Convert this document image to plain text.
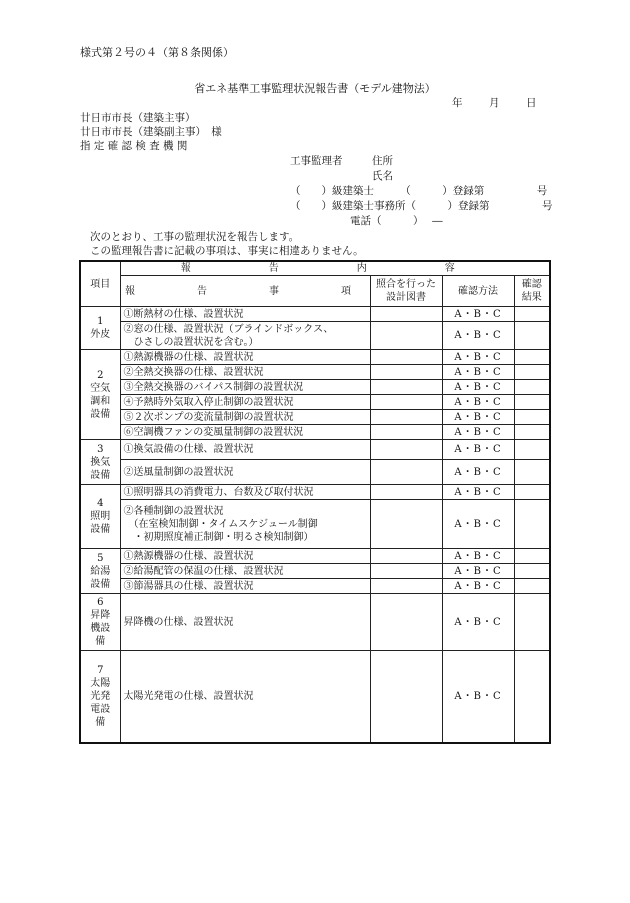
様式第２号の４（第８条関係）
省エネ基準工事監理状況報告書（モデル建物法）
年	月	日
廿日市市長（建築主事）
廿日市市長（建築副主事）　様
指 定 確 認 検 査 機 関
工事監理者	住所
氏名
（　　）級建築士　　　（　　　）登録第　　　　　号
（　　）級建築士事務所（　　　）登録第　　　　　号
電話（　　　）　 ―
次のとおり、工事の監理状況を報告します。
この監理報告書に記載の事項は、事実に相違ありません。
項目	報　告　内　容			
	報　　告　　事　　項	照合を行った設計図書	確認方法	確認結果
1
外皮	①断熱材の仕様、設置状況		A・B・C	
	②窓の仕様、設置状況（ブラインドボックス、
　ひさしの設置状況を含む。）		A・B・C	
2
空気
調和
設備	①熱源機器の仕様、設置状況		A・B・C	
	②全熱交換器の仕様、設置状況		A・B・C	
	③全熱交換器のバイパス制御の設置状況		A・B・C	
	④予熱時外気取入停止制御の設置状況		A・B・C	
	⑤２次ポンプの変流量制御の設置状況		A・B・C	
	⑥空調機ファンの変風量制御の設置状況		A・B・C	
3
換気
設備	①換気設備の仕様、設置状況		A・B・C	
	②送風量制御の設置状況		A・B・C	
4
照明
設備	①照明器具の消費電力、台数及び取付状況		A・B・C	
	②各種制御の設置状況
　（在室検知制御・タイムスケジュール制御
　・初期照度補正制御・明るさ検知制御）		A・B・C	
5
給湯
設備	①熱源機器の仕様、設置状況		A・B・C	
	②給湯配管の保温の仕様、設置状況		A・B・C	
	③節湯器具の仕様、設置状況		A・B・C	
6
昇降
機設
備	昇降機の仕様、設置状況		A・B・C	
7
太陽
光発
電設
備	太陽光発電の仕様、設置状況		A・B・C	
